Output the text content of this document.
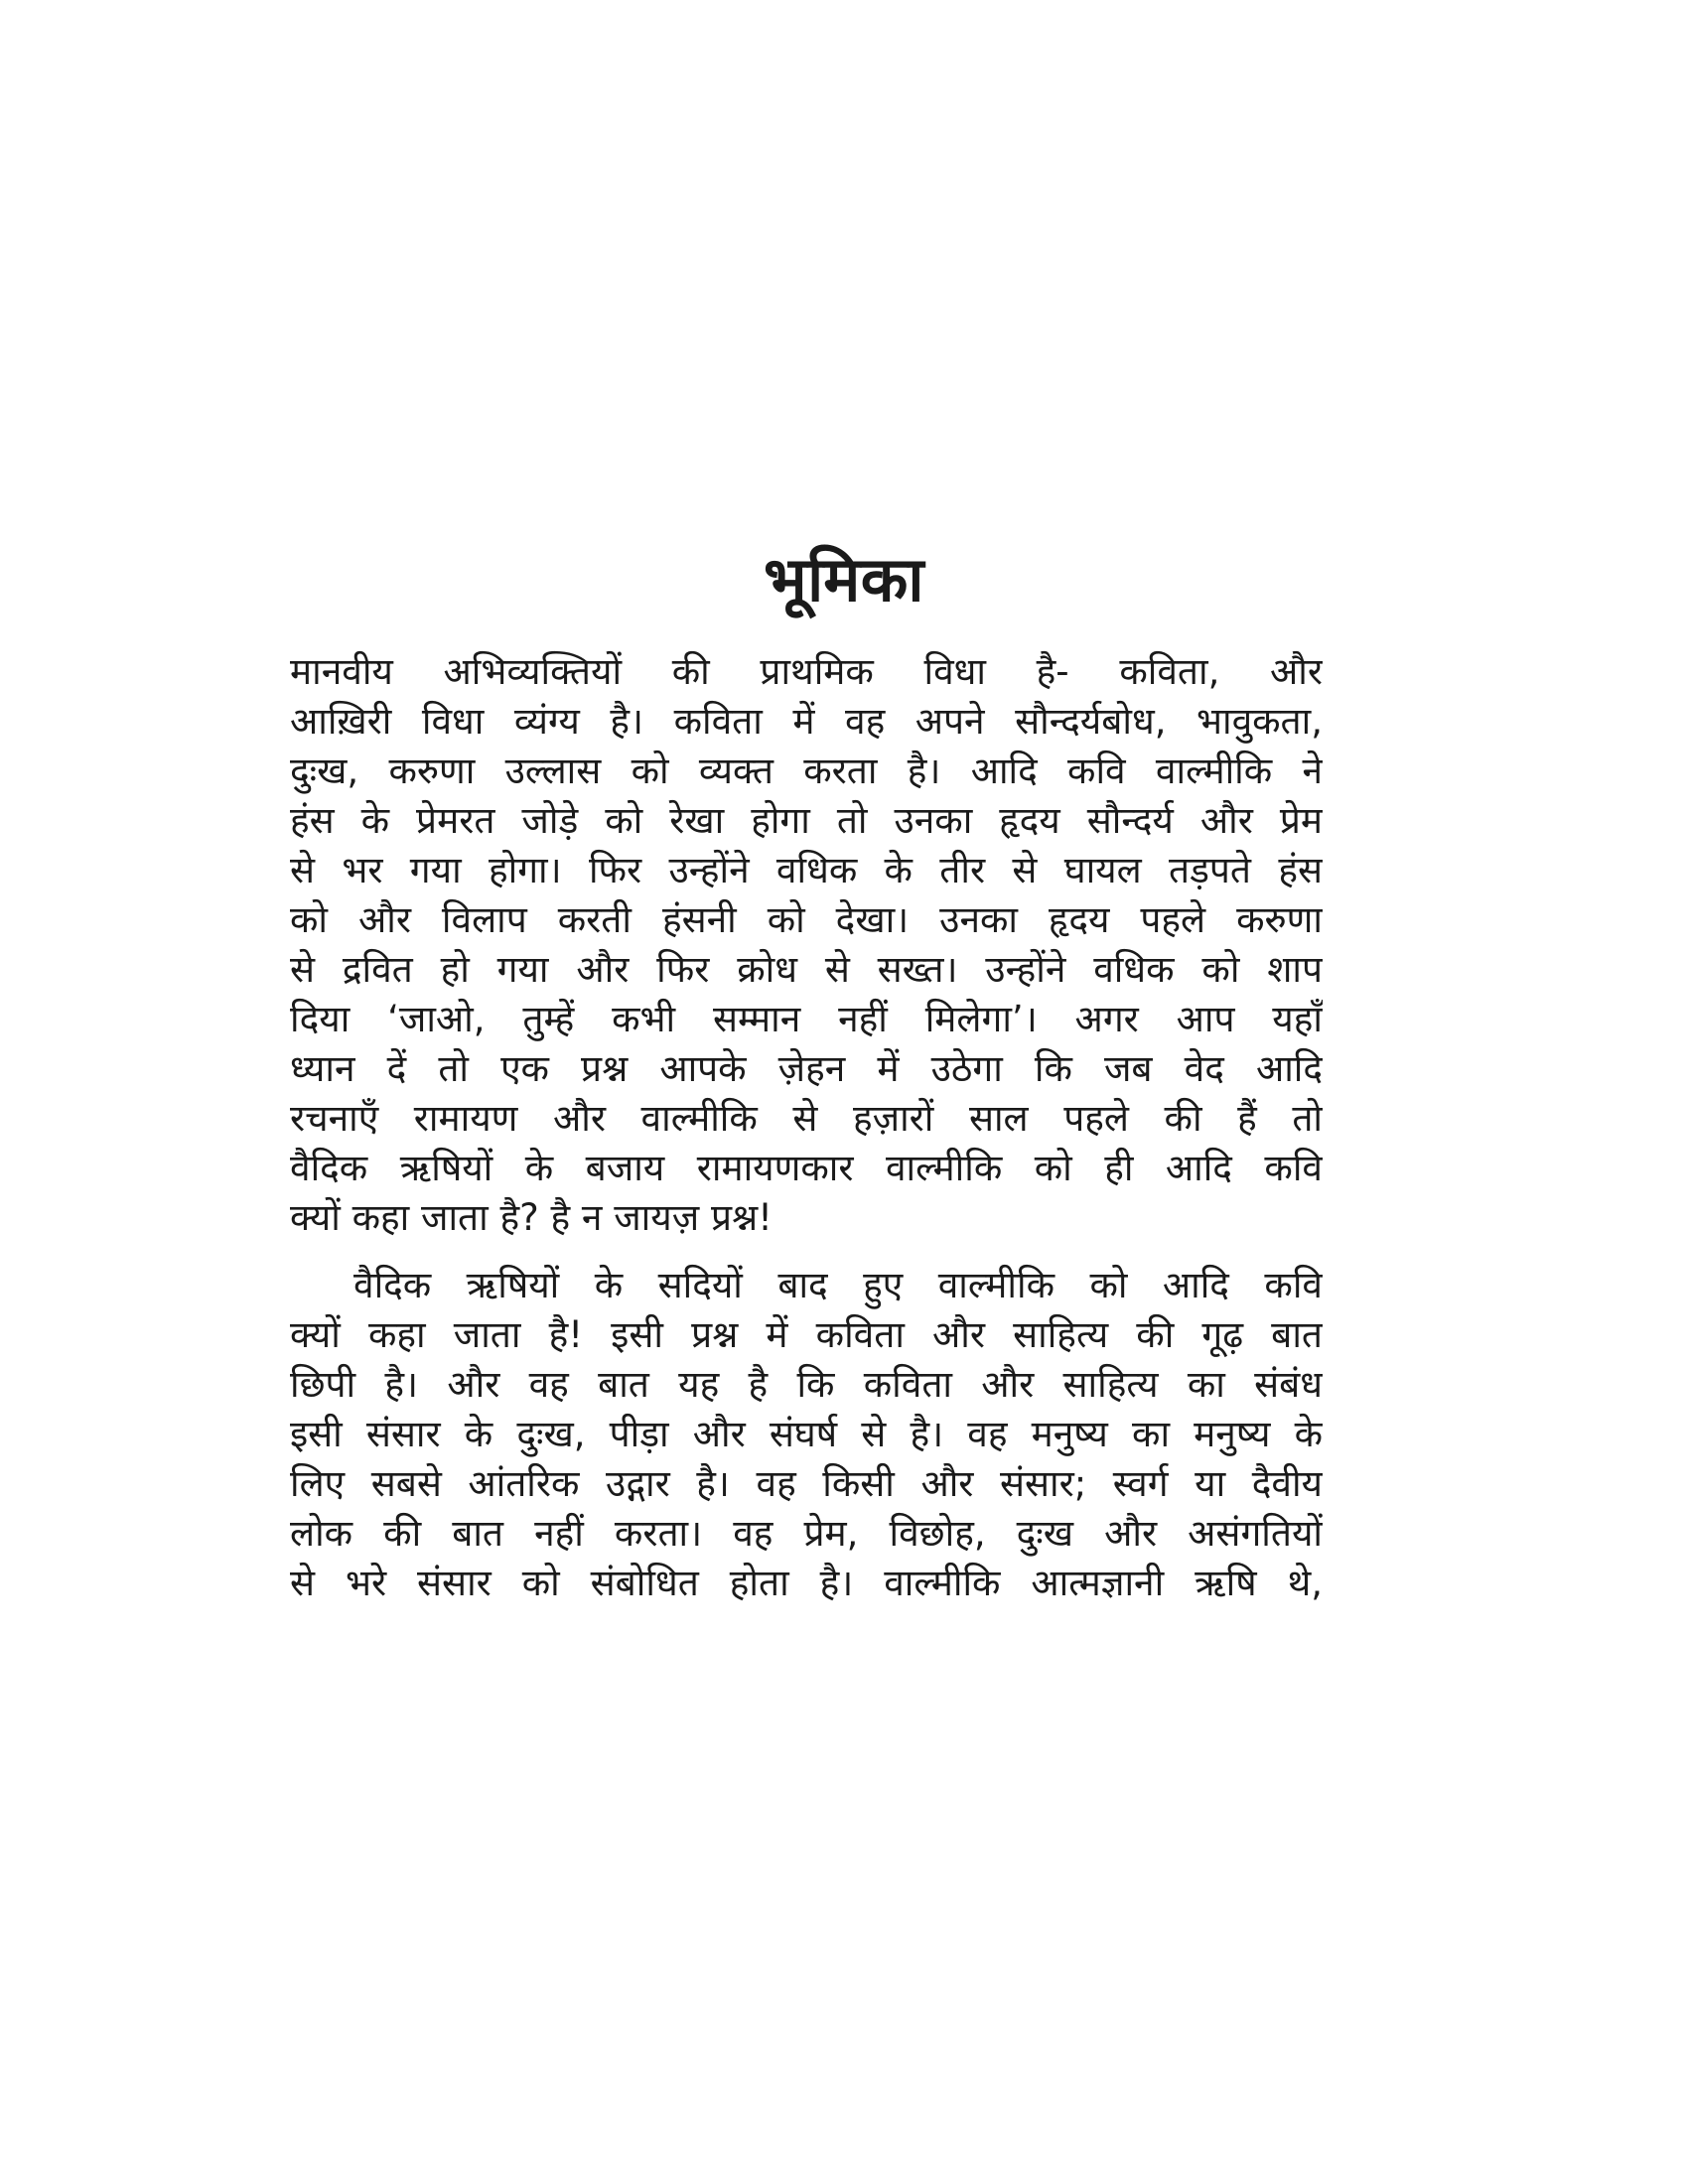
भूमिका
मानवीय अभिव्यक्तियों की प्राथमिक विधा है- कविता, और
आख़िरी विधा व्यंग्य है। कविता में वह अपने सौन्दर्यबोध, भावुकता,
दुःख, करुणा उल्लास को व्यक्त करता है। आदि कवि वाल्मीकि ने
हंस के प्रेमरत जोड़े को रेखा होगा तो उनका हृदय सौन्दर्य और प्रेम
से भर गया होगा। फिर उन्होंने वधिक के तीर से घायल तड़पते हंस
को और विलाप करती हंसनी को देखा। उनका हृदय पहले करुणा
से द्रवित हो गया और फिर क्रोध से सख्त। उन्होंने वधिक को शाप
दिया ‘जाओ, तुम्हें कभी सम्मान नहीं मिलेगा’। अगर आप यहाँ
ध्यान दें तो एक प्रश्न आपके ज़ेहन में उठेगा कि जब वेद आदि
रचनाएँ रामायण और वाल्मीकि से हज़ारों साल पहले की हैं तो
वैदिक ऋषियों के बजाय रामायणकार वाल्मीकि को ही आदि कवि
क्यों कहा जाता है? है न जायज़ प्रश्न!
वैदिक ऋषियों के सदियों बाद हुए वाल्मीकि को आदि कवि
क्यों कहा जाता है! इसी प्रश्न में कविता और साहित्य की गूढ़ बात
छिपी है। और वह बात यह है कि कविता और साहित्य का संबंध
इसी संसार के दुःख, पीड़ा और संघर्ष से है। वह मनुष्य का मनुष्य के
लिए सबसे आंतरिक उद्गार है। वह किसी और संसार; स्वर्ग या दैवीय
लोक की बात नहीं करता। वह प्रेम, विछोह, दुःख और असंगतियों
से भरे संसार को संबोधित होता है। वाल्मीकि आत्मज्ञानी ऋषि थे,
